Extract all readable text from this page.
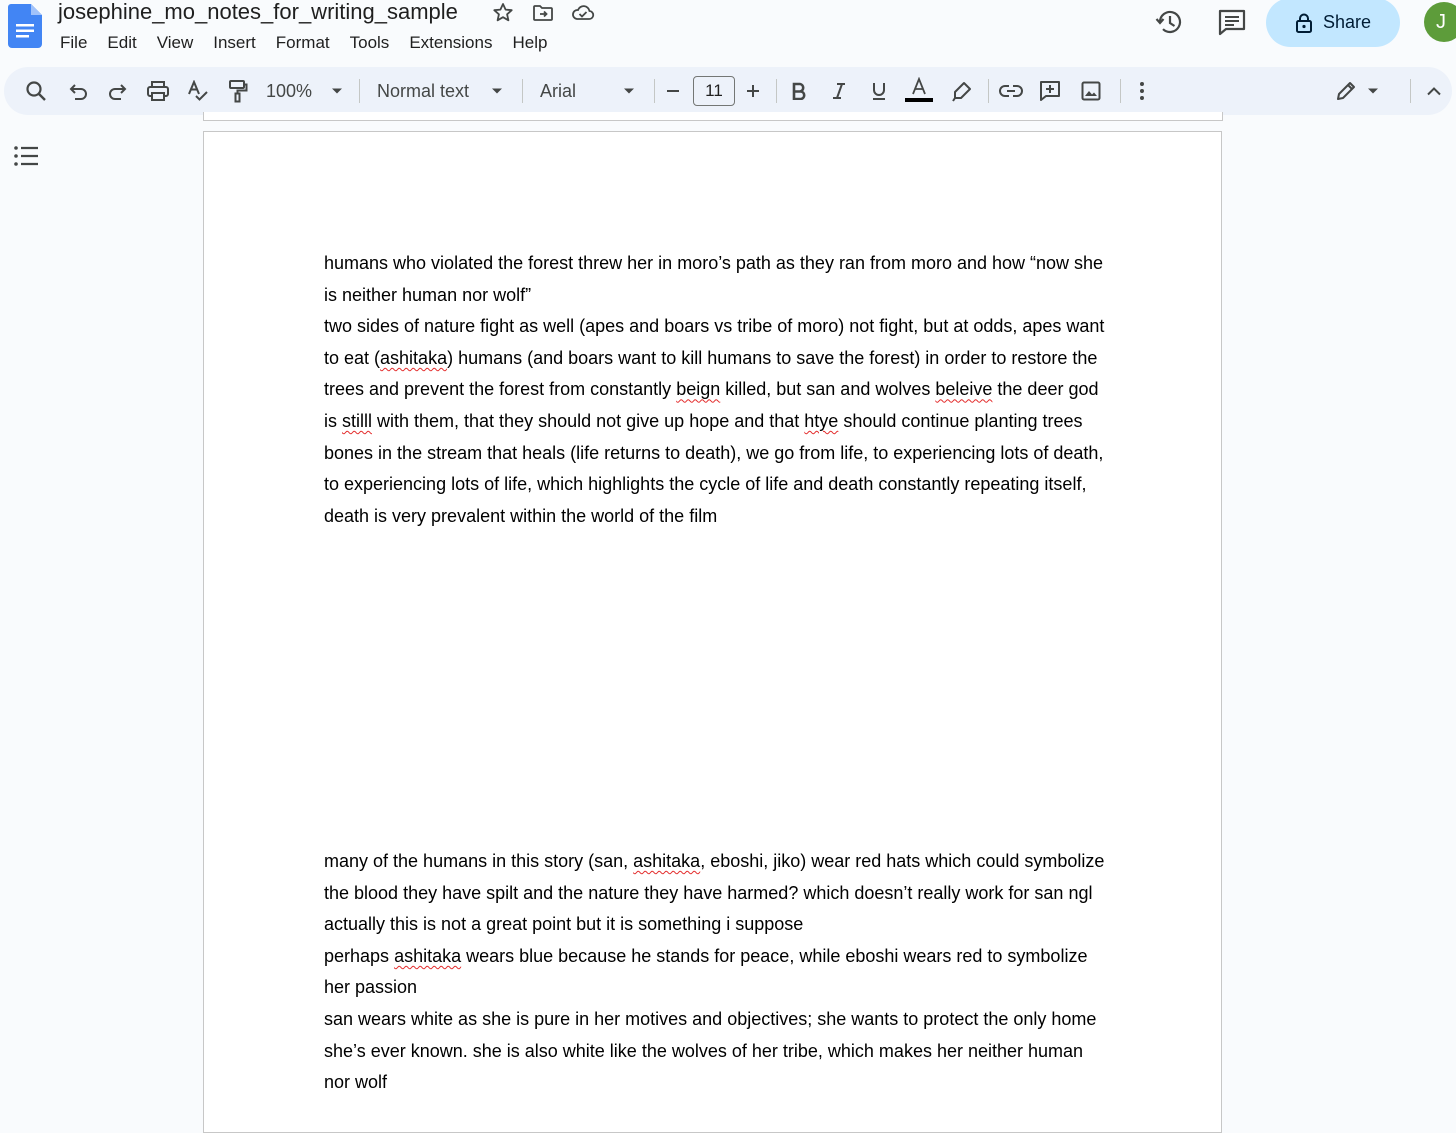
josephine_mo_notes_for_writing_sample
File	Edit	View	Insert	Format	Tools	Extensions	Help
Share	J
100%	Normal text	Arial	11
humans who violated the forest threw her in moro’s path as they ran from moro and how “now she is neither human nor wolf”
two sides of nature fight as well (apes and boars vs tribe of moro) not fight, but at odds, apes want to eat (ashitaka) humans (and boars want to kill humans to save the forest) in order to restore the trees and prevent the forest from constantly beign killed, but san and wolves beleive the deer god is stilll with them, that they should not give up hope and that htye should continue planting trees
bones in the stream that heals (life returns to death), we go from life, to experiencing lots of death, to experiencing lots of life, which highlights the cycle of life and death constantly repeating itself, death is very prevalent within the world of the film
many of the humans in this story (san, ashitaka, eboshi, jiko) wear red hats which could symbolize the blood they have spilt and the nature they have harmed? which doesn’t really work for san ngl actually this is not a great point but it is something i suppose
perhaps ashitaka wears blue because he stands for peace, while eboshi wears red to symbolize her passion
san wears white as she is pure in her motives and objectives; she wants to protect the only home she’s ever known. she is also white like the wolves of her tribe, which makes her neither human nor wolf
